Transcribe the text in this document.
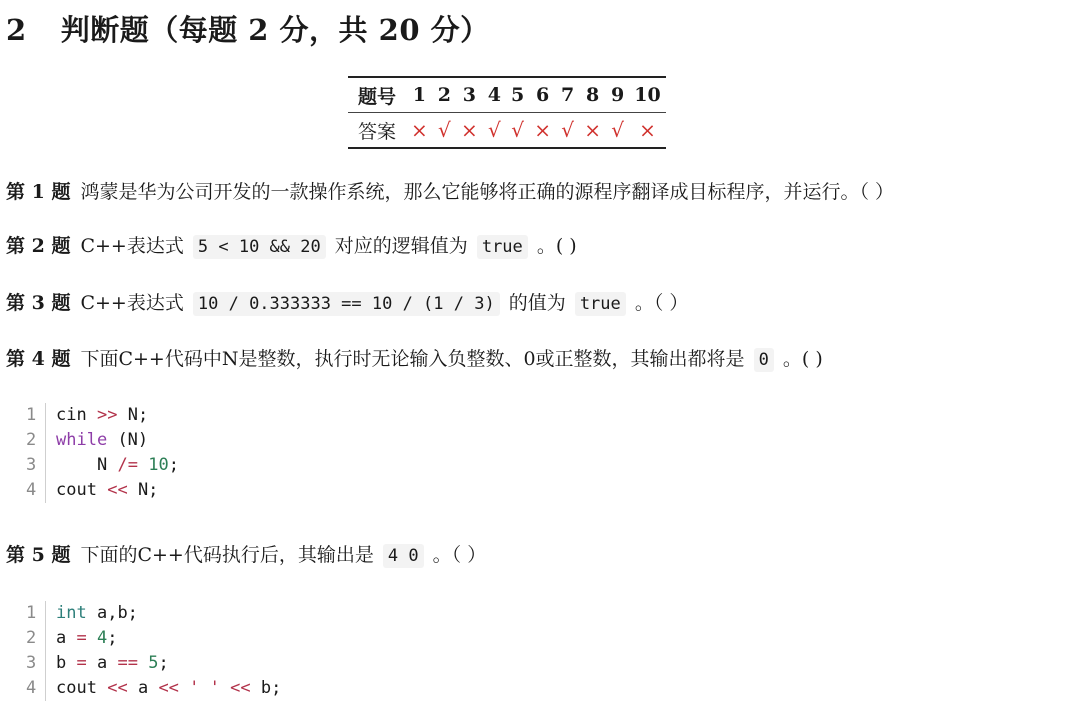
2 判断题（每题 2 分，共 20 分）
题号	1	2	3	4	5	6	7	8	9	10
答案	×	√	×	√	√	×	√	×	√	×
第 1 题 鸿蒙是华为公司开发的一款操作系统，那么它能够将正确的源程序翻译成目标程序，并运行。（ ）
第 2 题 C++表达式 5 < 10 && 20 对应的逻辑值为 true 。( )
第 3 题 C++表达式 10 / 0.333333 == 10 / (1 / 3) 的值为 true 。（ ）
第 4 题 下面C++代码中N是整数，执行时无论输入负整数、0或正整数，其输出都将是 0 。( )
1	cin
>>
N;
2	while
(N)
3	N
/=
10 ;
4	cout
<<
N;
第 5 题 下面的C++代码执行后，其输出是 4 0 。（ ）
1	int
a,b;
2	a
=
4 ;
3	b
=
a
==
5 ;
4	cout
<<
a
<<
' '
<<
b;
